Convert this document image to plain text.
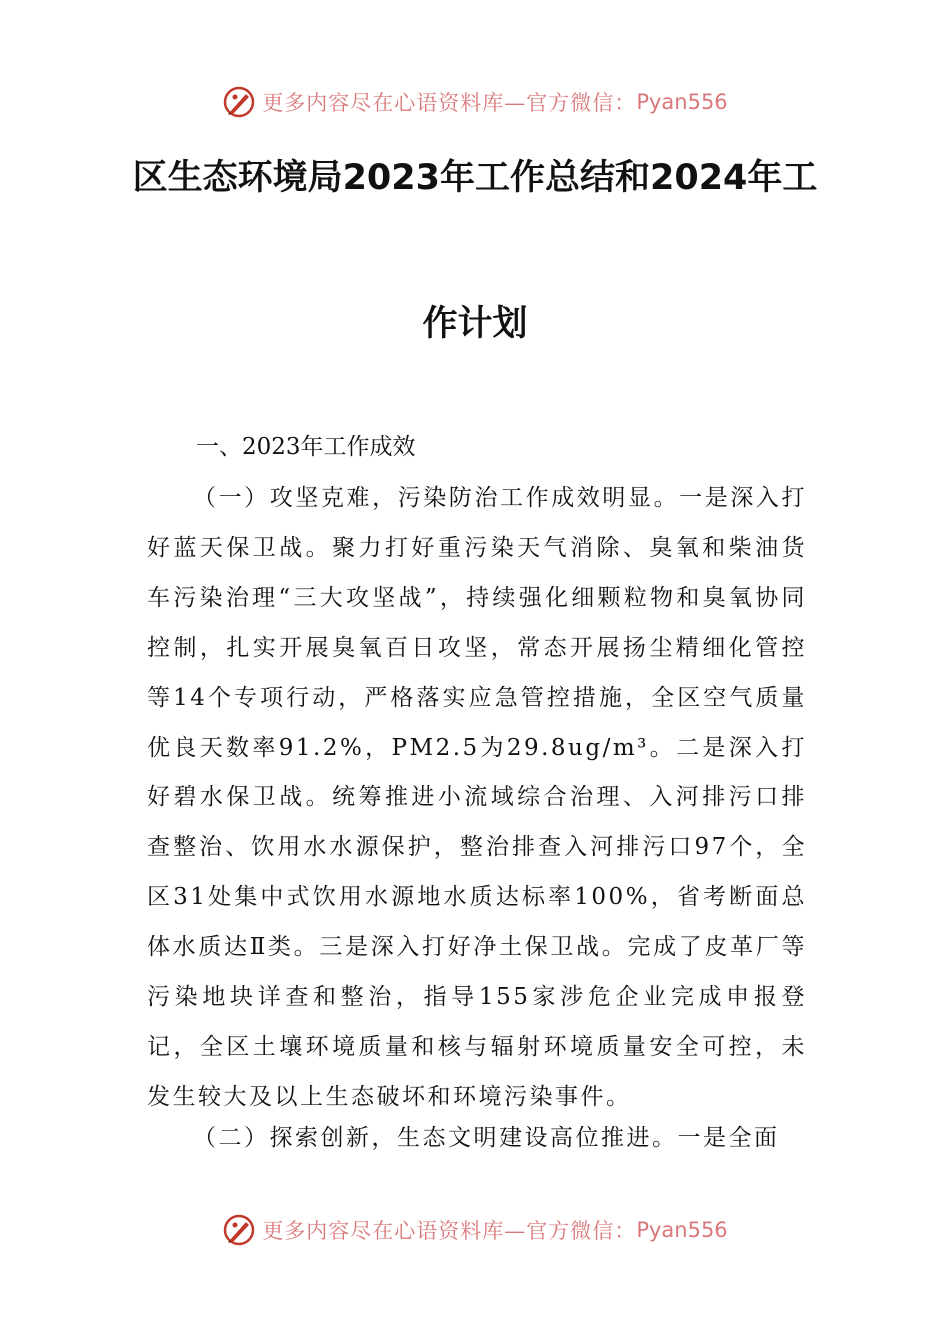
更多内容尽在心语资料库—官方微信： Pyan556
区生态环境局2023年工作总结和2024年工
作计划
一、2023年工作成效
（一）攻坚克难，污染防治工作成效明显。一是深入打好蓝天保卫战。聚力打好重污染天气消除、臭氧和柴油货车污染治理“三大攻坚战”，持续强化细颗粒物和臭氧协同控制，扎实开展臭氧百日攻坚，常态开展扬尘精细化管控等14个专项行动，严格落实应急管控措施，全区空气质量优良天数率91.2%，PM2.5为29.8ug/m³。二是深入打好碧水保卫战。统筹推进小流域综合治理、入河排污口排查整治、饮用水水源保护，整治排查入河排污口97个，全区31处集中式饮用水源地水质达标率100%，省考断面总体水质达Ⅱ类。三是深入打好净土保卫战。完成了皮革厂等污染地块详查和整治，指导155家涉危企业完成申报登记，全区土壤环境质量和核与辐射环境质量安全可控，未发生较大及以上生态破坏和环境污染事件。
（二）探索创新，生态文明建设高位推进。一是全面
更多内容尽在心语资料库—官方微信： Pyan556
